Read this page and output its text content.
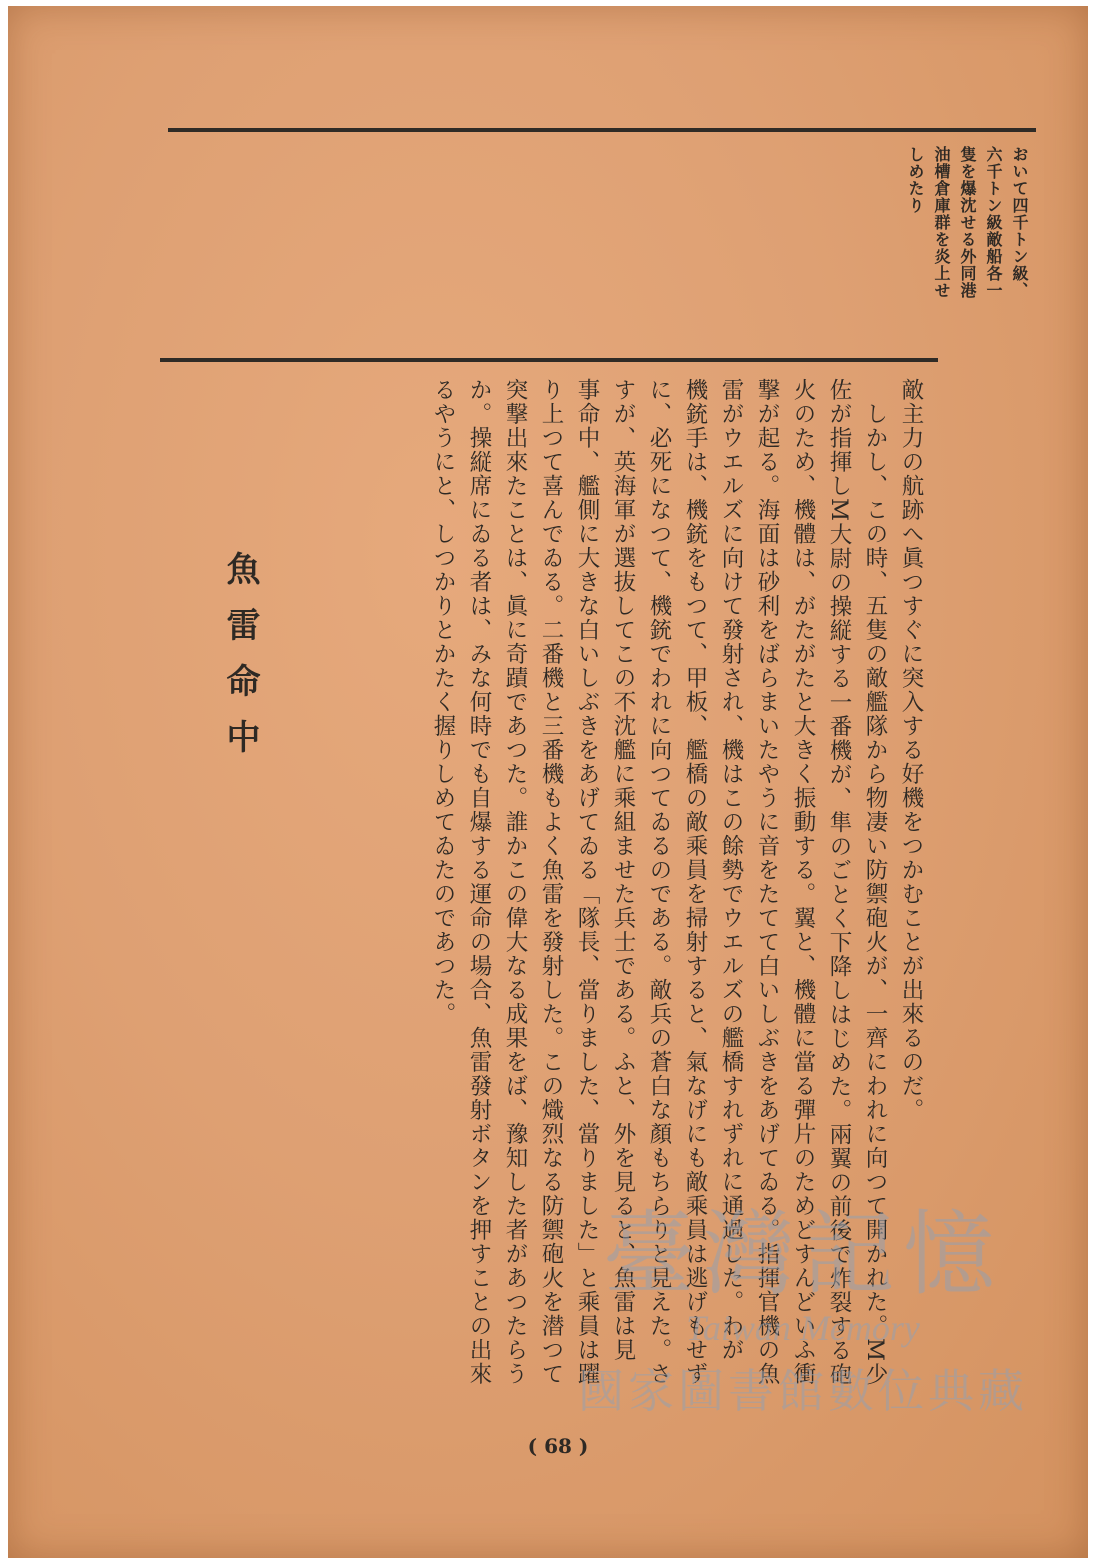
おいて四千トン級、

六千トン級敵船各一

隻を爆沈せる外同港

油槽倉庫群を炎上せ

しめたり

敵主力の航跡へ眞つすぐに突入する好機をつかむことが出來るのだ。

　しかし、この時、五隻の敵艦隊から物凄い防禦砲火が、一齊にわれに向つて開かれた。M少

佐が指揮しM大尉の操縦する一番機が、隼のごとく下降しはじめた。兩翼の前後で炸裂する砲

火のため、機體は、がたがたと大きく振動する。翼と、機體に當る彈片のためどすんどいふ衝

撃が起る。海面は砂利をばらまいたやうに音をたてて白いしぶきをあげてゐる。指揮官機の魚

雷がウエルズに向けて發射され、機はこの餘勢でウエルズの艦橋すれずれに通過した。わが

機銃手は、機銃をもつて、甲板、艦橋の敵乘員を掃射すると、氣なげにも敵乘員は逃げもせず

に、必死になつて、機銃でわれに向つてゐるのである。敵兵の蒼白な顏もちらりと見えた。さ

すが、英海軍が選抜してこの不沈艦に乘組ませた兵士である。ふと、外を見ると、魚雷は見

事命中、艦側に大きな白いしぶきをあげてゐる「隊長、當りました、當りました」と乘員は躍

り上つて喜んでゐる。二番機と三番機もよく魚雷を發射した。この熾烈なる防禦砲火を潜つて

突撃出來たことは、眞に奇蹟であつた。誰かこの偉大なる成果をば、豫知した者があつたらう

か。操縦席にゐる者は、みな何時でも自爆する運命の場合、魚雷發射ボタンを押すことの出來

るやうにと、しつかりとかたく握りしめてゐたのであつた。

魚雷命中
( 68 )
臺灣記憶
Taiwan Memory
國家圖書館數位典藏
